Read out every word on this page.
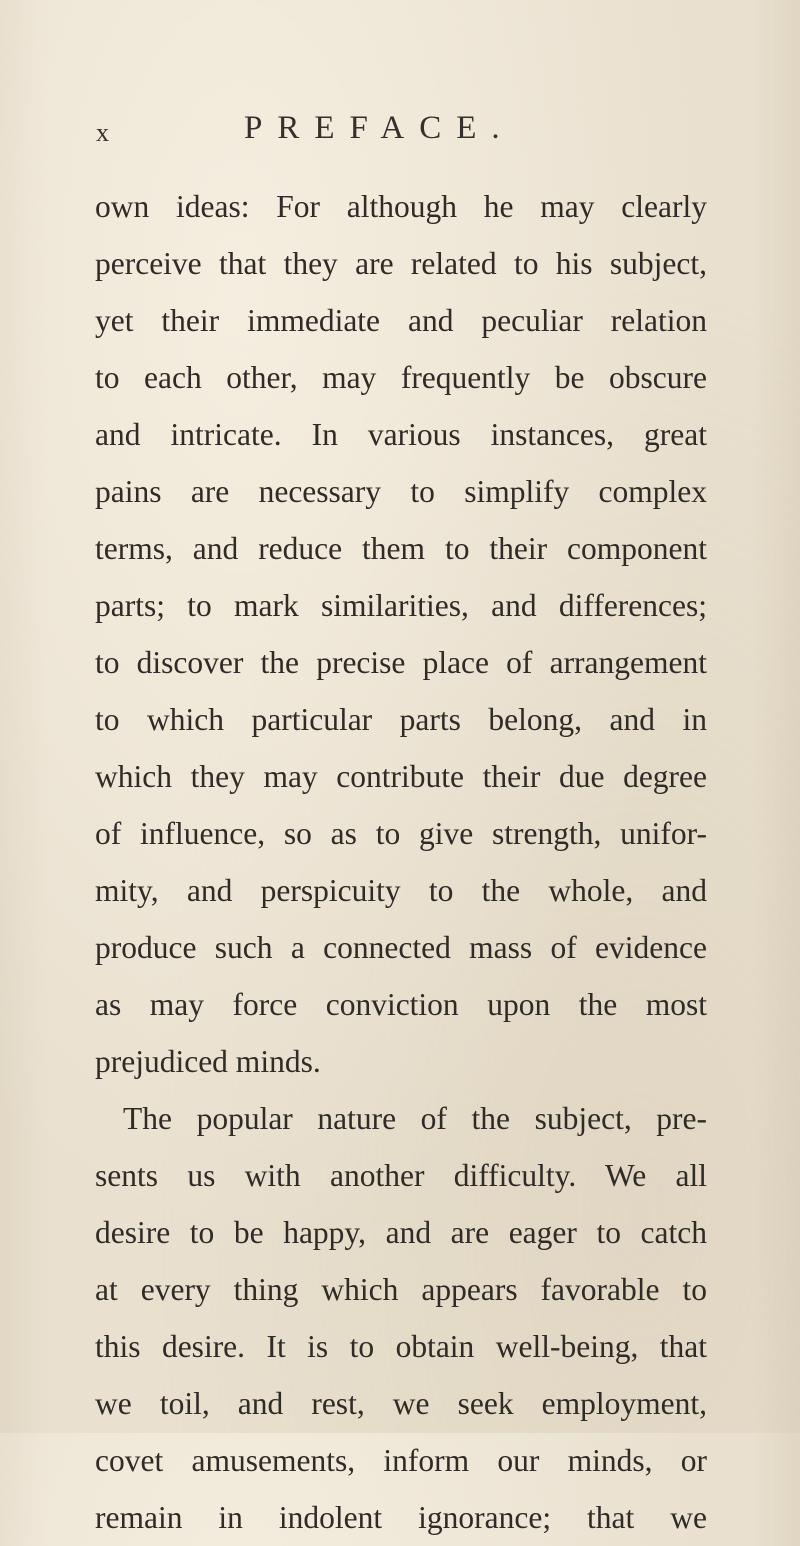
x	PREFACE.
own ideas: For although he may clearly
perceive that they are related to his subject,
yet their immediate and peculiar relation
to each other, may frequently be obscure
and intricate. In various instances, great
pains are necessary to simplify complex
terms, and reduce them to their component
parts; to mark similarities, and differences;
to discover the precise place of arrangement
to which particular parts belong, and in
which they may contribute their due degree
of influence, so as to give strength, unifor-
mity, and perspicuity to the whole, and
produce such a connected mass of evidence
as may force conviction upon the most
prejudiced minds.
The popular nature of the subject, pre-
sents us with another difficulty. We all
desire to be happy, and are eager to catch
at every thing which appears favorable to
this desire. It is to obtain well-being, that
we toil, and rest, we seek employment,
covet amusements, inform our minds, or
remain in indolent ignorance; that we
